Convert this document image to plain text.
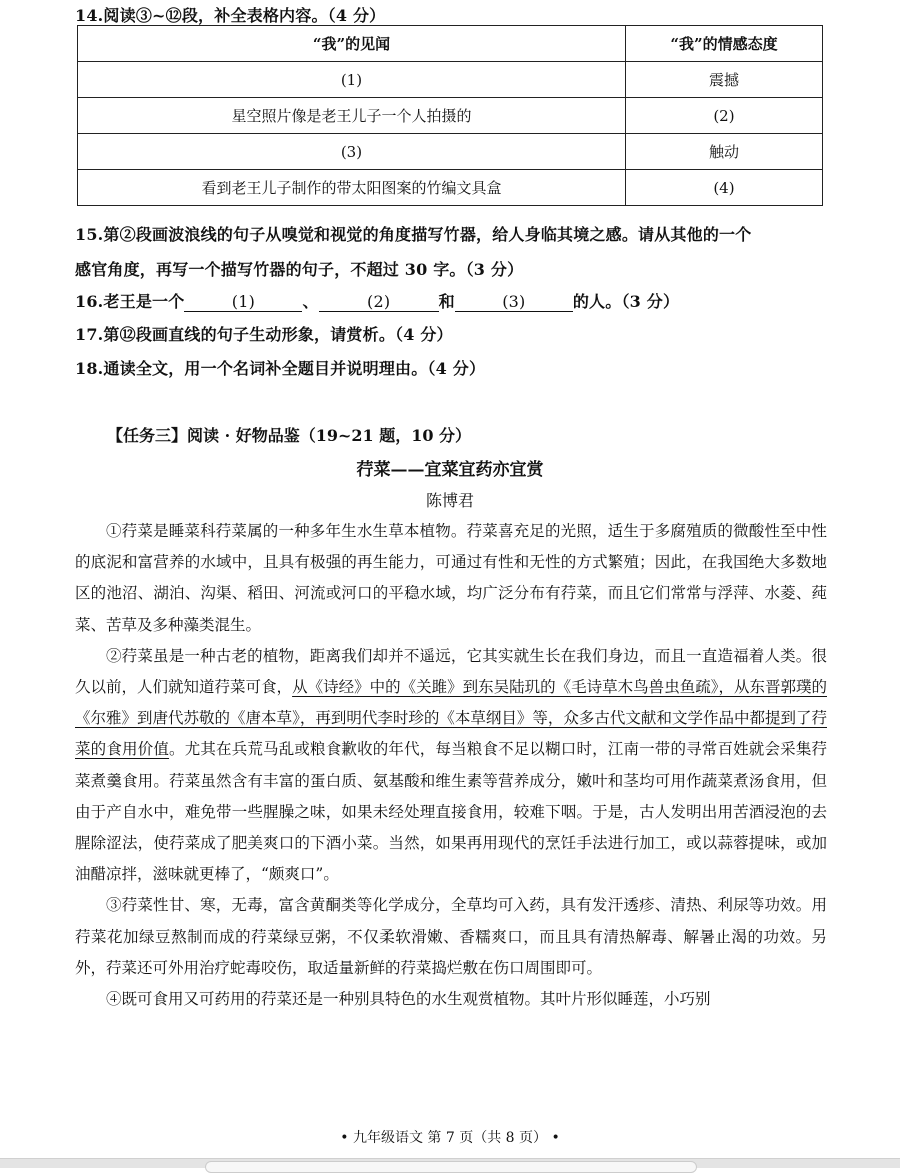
14.阅读③~⑫段，补全表格内容。（4 分）
“我”的见闻	“我”的情感态度
(1)	震撼
星空照片像是老王儿子一个人拍摄的	(2)
(3)	触动
看到老王儿子制作的带太阳图案的竹编文具盒	(4)
15.第②段画波浪线的句子从嗅觉和视觉的角度描写竹器，给人身临其境之感。请从其他的一个
感官角度，再写一个描写竹器的句子，不超过 30 字。（3 分）
16.老王是一个	(1)	、	(2)	和	(3)	的人。（3 分）
17.第⑫段画直线的句子生动形象，请赏析。（4 分）
18.通读全文，用一个名词补全题目并说明理由。（4 分）
【任务三】阅读 · 好物品鉴（19~21 题，10 分）
荇菜——宜菜宜药亦宜赏
陈博君

①荇菜是睡菜科荇菜属的一种多年生水生草本植物。荇菜喜充足的光照，适生于多腐殖质的微酸性至中性的底泥和富营养的水域中，且具有极强的再生能力，可通过有性和无性的方式繁殖；因此，在我国绝大多数地区的池沼、湖泊、沟渠、稻田、河流或河口的平稳水域，均广泛分布有荇菜，而且它们常常与浮萍、水菱、莼菜、苦草及多种藻类混生。

②荇菜虽是一种古老的植物，距离我们却并不遥远，它其实就生长在我们身边，而且一直造福着人类。很久以前，人们就知道荇菜可食，从《诗经》中的《关雎》到东吴陆玑的《毛诗草木鸟兽虫鱼疏》，从东晋郭璞的《尔雅》到唐代苏敬的《唐本草》，再到明代李时珍的《本草纲目》等，众多古代文献和文学作品中都提到了荇菜的食用价值。尤其在兵荒马乱或粮食歉收的年代，每当粮食不足以糊口时，江南一带的寻常百姓就会采集荇菜煮羹食用。荇菜虽然含有丰富的蛋白质、氨基酸和维生素等营养成分，嫩叶和茎均可用作蔬菜煮汤食用，但由于产自水中，难免带一些腥臊之味，如果未经处理直接食用，较难下咽。于是，古人发明出用苦酒浸泡的去腥除涩法，使荇菜成了肥美爽口的下酒小菜。当然，如果再用现代的烹饪手法进行加工，或以蒜蓉提味，或加油醋凉拌，滋味就更棒了，“颇爽口”。

③荇菜性甘、寒，无毒，富含黄酮类等化学成分，全草均可入药，具有发汗透疹、清热、利尿等功效。用荇菜花加绿豆熬制而成的荇菜绿豆粥，不仅柔软滑嫩、香糯爽口，而且具有清热解毒、解暑止渴的功效。另外，荇菜还可外用治疗蛇毒咬伤，取适量新鲜的荇菜捣烂敷在伤口周围即可。

④既可食用又可药用的荇菜还是一种别具特色的水生观赏植物。其叶片形似睡莲，小巧别

• 九年级语文 第 7 页（共 8 页） •
